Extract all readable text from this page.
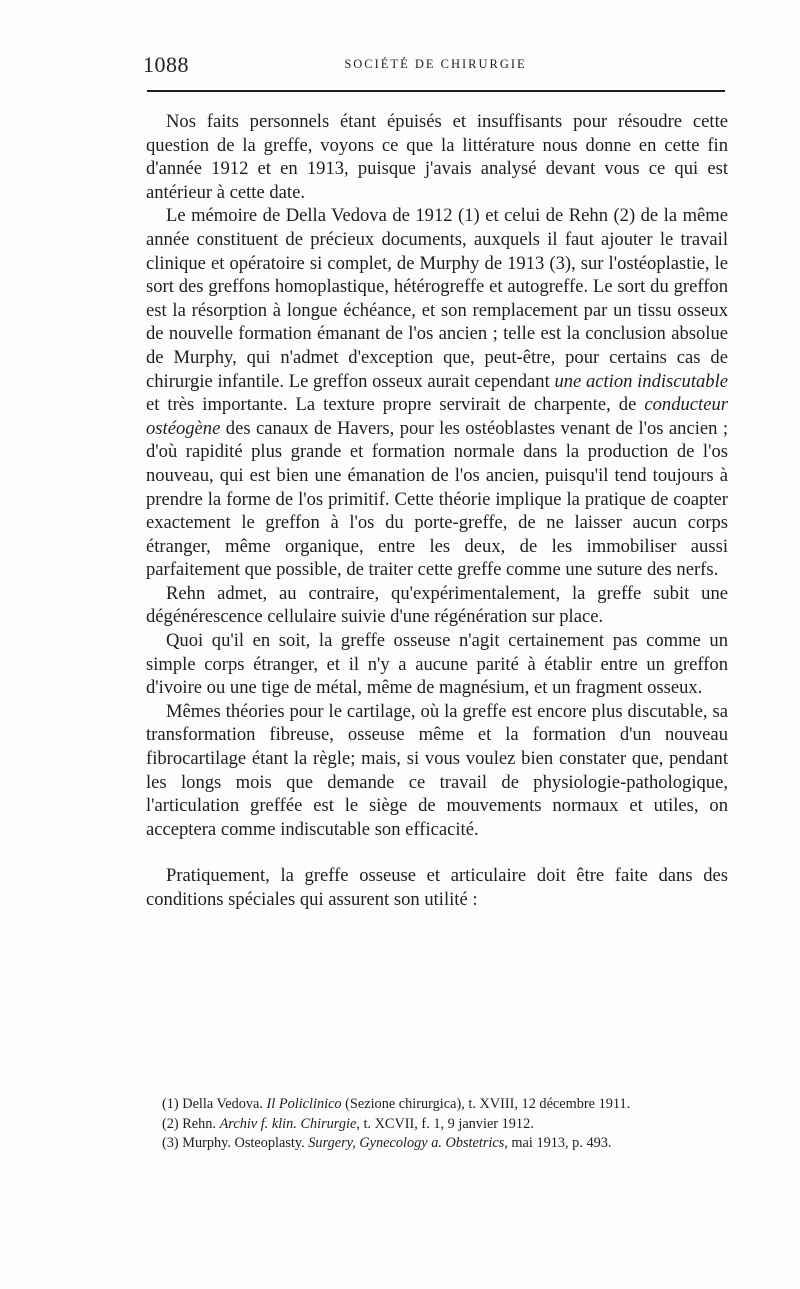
1088	SOCIÉTÉ DE CHIRURGIE

Nos faits personnels étant épuisés et insuffisants pour résoudre cette question de la greffe, voyons ce que la littérature nous donne en cette fin d'année 1912 et en 1913, puisque j'avais analysé devant vous ce qui est antérieur à cette date.

Le mémoire de Della Vedova de 1912 (1) et celui de Rehn (2) de la même année constituent de précieux documents, auxquels il faut ajouter le travail clinique et opératoire si complet, de Murphy de 1913 (3), sur l'ostéoplastie, le sort des greffons homoplastique, hétérogreffe et autogreffe. Le sort du greffon est la résorption à longue échéance, et son remplacement par un tissu osseux de nouvelle formation émanant de l'os ancien ; telle est la conclusion absolue de Murphy, qui n'admet d'exception que, peut-être, pour certains cas de chirurgie infantile. Le greffon osseux aurait cependant une action indiscutable et très importante. La texture propre servirait de charpente, de conducteur ostéogène des canaux de Havers, pour les ostéoblastes venant de l'os ancien ; d'où rapidité plus grande et formation normale dans la production de l'os nouveau, qui est bien une émanation de l'os ancien, puisqu'il tend toujours à prendre la forme de l'os primitif. Cette théorie implique la pratique de coapter exactement le greffon à l'os du porte-greffe, de ne laisser aucun corps étranger, même organique, entre les deux, de les immobiliser aussi parfaitement que possible, de traiter cette greffe comme une suture des nerfs.

Rehn admet, au contraire, qu'expérimentalement, la greffe subit une dégénérescence cellulaire suivie d'une régénération sur place.

Quoi qu'il en soit, la greffe osseuse n'agit certainement pas comme un simple corps étranger, et il n'y a aucune parité à établir entre un greffon d'ivoire ou une tige de métal, même de magnésium, et un fragment osseux.

Mêmes théories pour le cartilage, où la greffe est encore plus discutable, sa transformation fibreuse, osseuse même et la formation d'un nouveau fibrocartilage étant la règle; mais, si vous voulez bien constater que, pendant les longs mois que demande ce travail de physiologie-pathologique, l'articulation greffée est le siège de mouvements normaux et utiles, on acceptera comme indiscutable son efficacité.

Pratiquement, la greffe osseuse et articulaire doit être faite dans des conditions spéciales qui assurent son utilité :

(1) Della Vedova. Il Policlinico (Sezione chirurgica), t. XVIII, 12 décembre 1911.

(2) Rehn. Archiv f. klin. Chirurgie, t. XCVII, f. 1, 9 janvier 1912.

(3) Murphy. Osteoplasty. Surgery, Gynecology a. Obstetrics, mai 1913, p. 493.
